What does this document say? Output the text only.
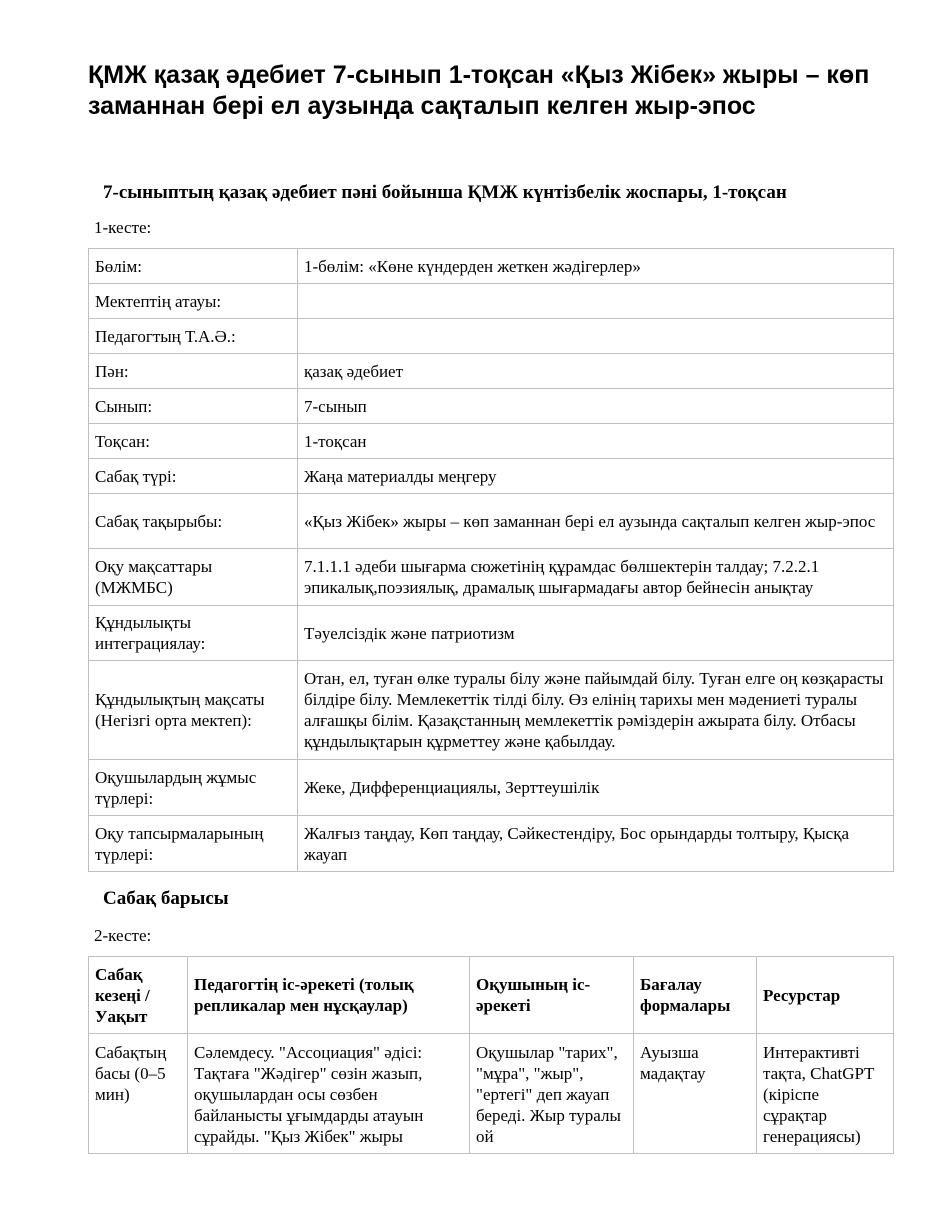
ҚМЖ қазақ әдебиет 7-сынып 1-тоқсан «Қыз Жібек» жыры – көп заманнан бері ел аузында сақталып келген жыр-эпос
7-сыныптың қазақ әдебиет пәні бойынша ҚМЖ күнтізбелік жоспары, 1-тоқсан
1-кесте:
Бөлім:	1-бөлім: «Көне күндерден жеткен жәдігерлер»
Мектептің атауы:	
Педагогтың Т.А.Ә.:	
Пән:	қазақ әдебиет
Сынып:	7-сынып
Тоқсан:	1-тоқсан
Сабақ түрі:	Жаңа материалды меңгеру
Сабақ тақырыбы:	«Қыз Жібек» жыры – көп заманнан бері ел аузында сақталып келген жыр-эпос
Оқу мақсаттары (МЖМБС)	7.1.1.1 әдеби шығарма сюжетінің құрамдас бөлшектерін талдау; 7.2.2.1 эпикалық,поэзиялық, драмалық шығармадағы автор бейнесін анықтау
Құндылықты интеграциялау:	Тәуелсіздік және патриотизм
Құндылықтың мақсаты (Негізгі орта мектеп):	Отан, ел, туған өлке туралы білу және пайымдай білу. Туған елге оң көзқарасты білдіре білу. Мемлекеттік тілді білу. Өз елінің тарихы мен мәдениеті туралы алғашқы білім. Қазақстанның мемлекеттік рәміздерін ажырата білу. Отбасы құндылықтарын құрметтеу және қабылдау.
Оқушылардың жұмыс түрлері:	Жеке, Дифференциациялы, Зерттеушілік
Оқу тапсырмаларының түрлері:	Жалғыз таңдау, Көп таңдау, Сәйкестендіру, Бос орындарды толтыру, Қысқа жауап
Сабақ барысы
2-кесте:
Сабақ кезеңі / Уақыт	Педагогтің іс-әрекеті (толық репликалар мен нұсқаулар)	Оқушының іс-әрекеті	Бағалау формалары	Ресурстар

Сабақтың басы (0–5 мин)	Сәлемдесу. "Ассоциация" әдісі: Тақтаға "Жәдігер" сөзін жазып, оқушылардан осы сөзбен байланысты ұғымдарды атауын сұрайды. "Қыз Жібек" жыры	Оқушылар "тарих", "мұра", "жыр", "ертегі" деп жауап береді. Жыр туралы ой	Ауызша мадақтау	Интерактивті тақта, ChatGPT (кіріспе сұрақтар генерациясы)
